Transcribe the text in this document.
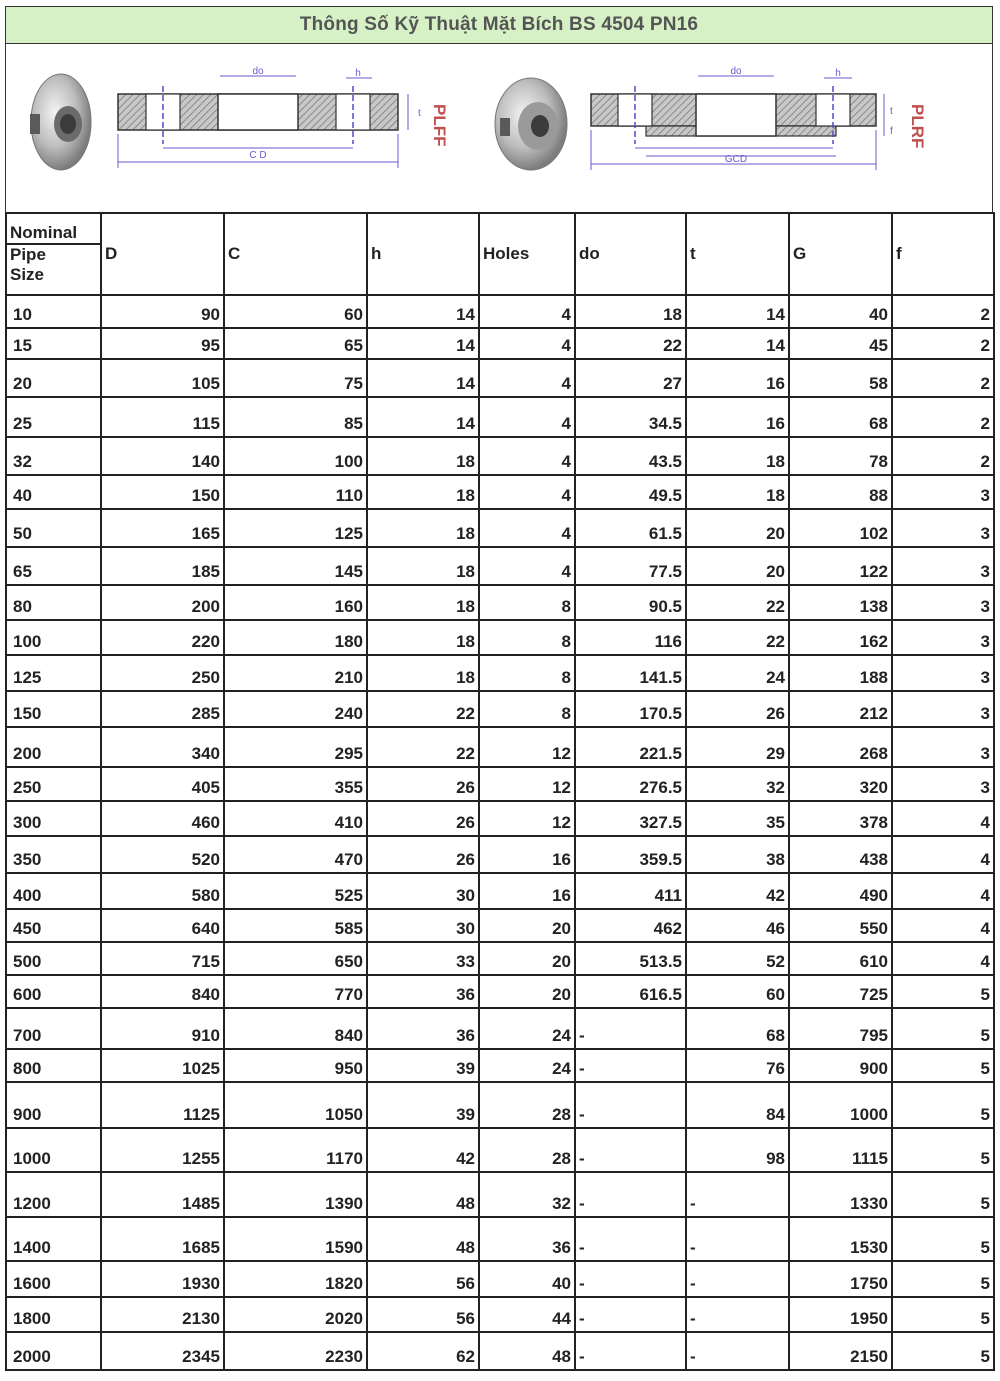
Thông Số Kỹ Thuật Mặt Bích BS 4504 PN16
do	h
t
C D
PLFF
do	h
t
f
GCD
PLRF
Nominal
Pipe
Size	D	C	h	Holes	do	t	G	f
10	90	60	14	4	18	14	40	2
15	95	65	14	4	22	14	45	2
20	105	75	14	4	27	16	58	2
25	115	85	14	4	34.5	16	68	2
32	140	100	18	4	43.5	18	78	2
40	150	110	18	4	49.5	18	88	3
50	165	125	18	4	61.5	20	102	3
65	185	145	18	4	77.5	20	122	3
80	200	160	18	8	90.5	22	138	3
100	220	180	18	8	116	22	162	3
125	250	210	18	8	141.5	24	188	3
150	285	240	22	8	170.5	26	212	3
200	340	295	22	12	221.5	29	268	3
250	405	355	26	12	276.5	32	320	3
300	460	410	26	12	327.5	35	378	4
350	520	470	26	16	359.5	38	438	4
400	580	525	30	16	411	42	490	4
450	640	585	30	20	462	46	550	4
500	715	650	33	20	513.5	52	610	4
600	840	770	36	20	616.5	60	725	5
700	910	840	36	24	-	68	795	5
800	1025	950	39	24	-	76	900	5
900	1125	1050	39	28	-	84	1000	5
1000	1255	1170	42	28	-	98	1115	5
1200	1485	1390	48	32	-	-	1330	5
1400	1685	1590	48	36	-	-	1530	5
1600	1930	1820	56	40	-	-	1750	5
1800	2130	2020	56	44	-	-	1950	5
2000	2345	2230	62	48	-	-	2150	5
